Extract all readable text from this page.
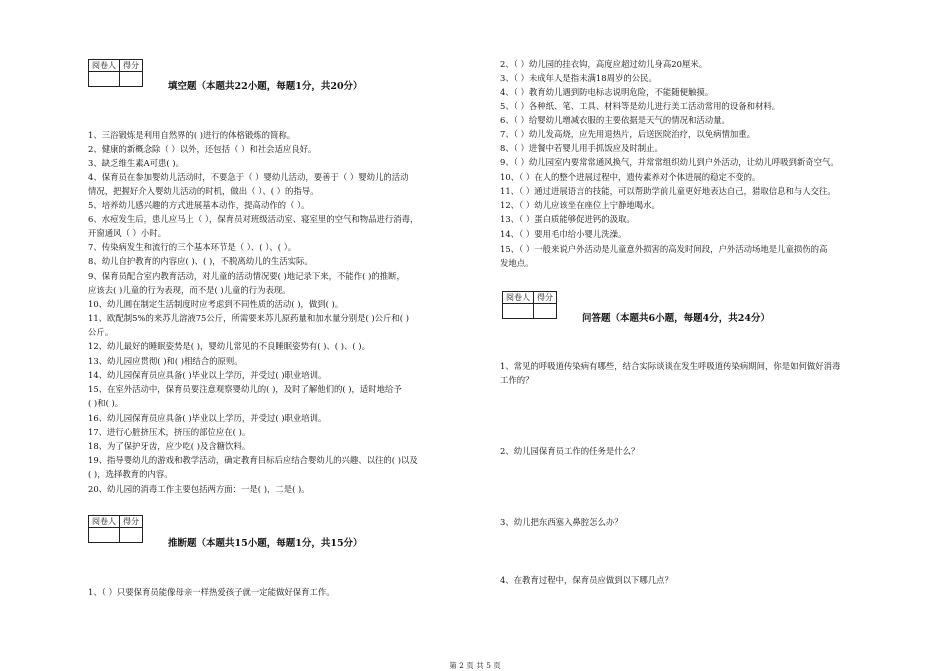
阅卷人	得分

填空题（本题共22小题，每题1分，共20分）
1、三浴锻炼是利用自然界的( )进行的体格锻炼的简称。
2、健康的新概念除（ ）以外，还包括（ ）和社会适应良好。
3、缺乏维生素A可患( )。
4、保育员在参加婴幼儿活动时，不要急于（ ）婴幼儿活动，要善于（ ）婴幼儿的活动
情况，把握好介入婴幼儿活动的时机，做出（ ）、( ）的指导。
5、培养幼儿感兴趣的方式进展基本动作，提高动作的（ ）。
6、水痘发生后，患儿应马上（ ），保育员对班级活动室、寝室里的空气和物品进行消毒，
开窗通风（ ）小时。
7、传染病发生和流行的三个基本环节是（ ）、( ）、( ）。
8、幼儿自护教育的内容应( )、( )，不脱离幼儿的生活实际。
9、保育员配合室内教育活动，对儿童的活动情况要( )地记录下来，不能作( )的推断，
应该去( )儿童的行为表现，而不是( )儿童的行为表现。
10、幼儿圓在制定生活制度时应考虑到不同性质的活动( )，做到( )。
11、欧配制5%的来苏儿溶液75公斤，所需要来苏儿原药量和加水量分别是( )公斤和( )
公斤。
12、幼儿最好的睡眠姿势是( )，婴幼儿常见的不良睡眠姿势有( )、( )、( )。
13、幼儿园应贯彻( )和( )相结合的原则。
14、幼儿园保育员应具备( )毕业以上学历，并受过( )职业培训。
15、在室外活动中，保育员要注意观察婴幼儿的( )，及时了解他们的( )，适时地给予
( )和( )。
16、幼儿园保育员应具备( )毕业以上学历，并受过( )职业培训。
17、进行心脏挤压术，挤压的部位应在( )。
18、为了保护牙齿，应少吃( )及含糖饮料。
19、指导婴幼儿的游戏和教学活动，确定教育目标后应结合婴幼儿的兴趣、以往的( )以及
( )，选择教育的内容。
20、幼儿园的消毒工作主要包括两方面：一是( )，二是( )。
阅卷人	得分

推断题（本题共15小题，每题1分，共15分）
1、（ ）只要保育员能像母亲一样热爱孩子就一定能做好保育工作。
2、（ ）幼儿园的挂衣钩，高度应超过幼儿身高20厘米。
3、（ ）未成年人是指未满18周岁的公民。
4、（ ）教育幼儿遇到防电标志说明危险，不能随便触摸。
5、（ ）各种纸、笔、工具、材料等是幼儿进行美工活动常用的设备和材料。
6、（ ）给婴幼儿增减衣服的主要依据是天气的情况和活动量。
7、（ ）幼儿发高烧，应先用退热片，后送医院治疗，以免病情加重。
8、（ ）进餐中若婴儿用手抓饭应及时制止。
9、（ ）幼儿园室内要常常通风换气，并常常组织幼儿到户外活动，让幼儿呼吸到新奇空气。
10、（ ）在人的整个进展过程中，遗传素养对个体进展的稳定不变的。
11、（ ）通过进展语言的技能，可以帮助学前儿童更好地表达自己，猎取信息和与人交往。
12、（ ）幼儿应该坐在座位上宁静地喝水。
13、（ ）蛋白质能够促进钙的汲取。
14、（ ）要用毛巾给小婴儿洗澡。
15、（ ）一般来说户外活动是儿童意外损害的高发时间段，户外活动场地是儿童损伤的高
发地点。
阅卷人	得分

问答题（本题共6小题，每题4分，共24分）
1、常见的呼吸道传染病有哪些，结合实际谈谈在发生呼吸道传染病期间，你是如何做好消毒
工作的？
2、幼儿园保育员工作的任务是什么？
3、幼儿把东西塞入鼻腔怎么办？
4、在教育过程中，保育员应做到以下哪几点？
第 2 页 共 5 页
